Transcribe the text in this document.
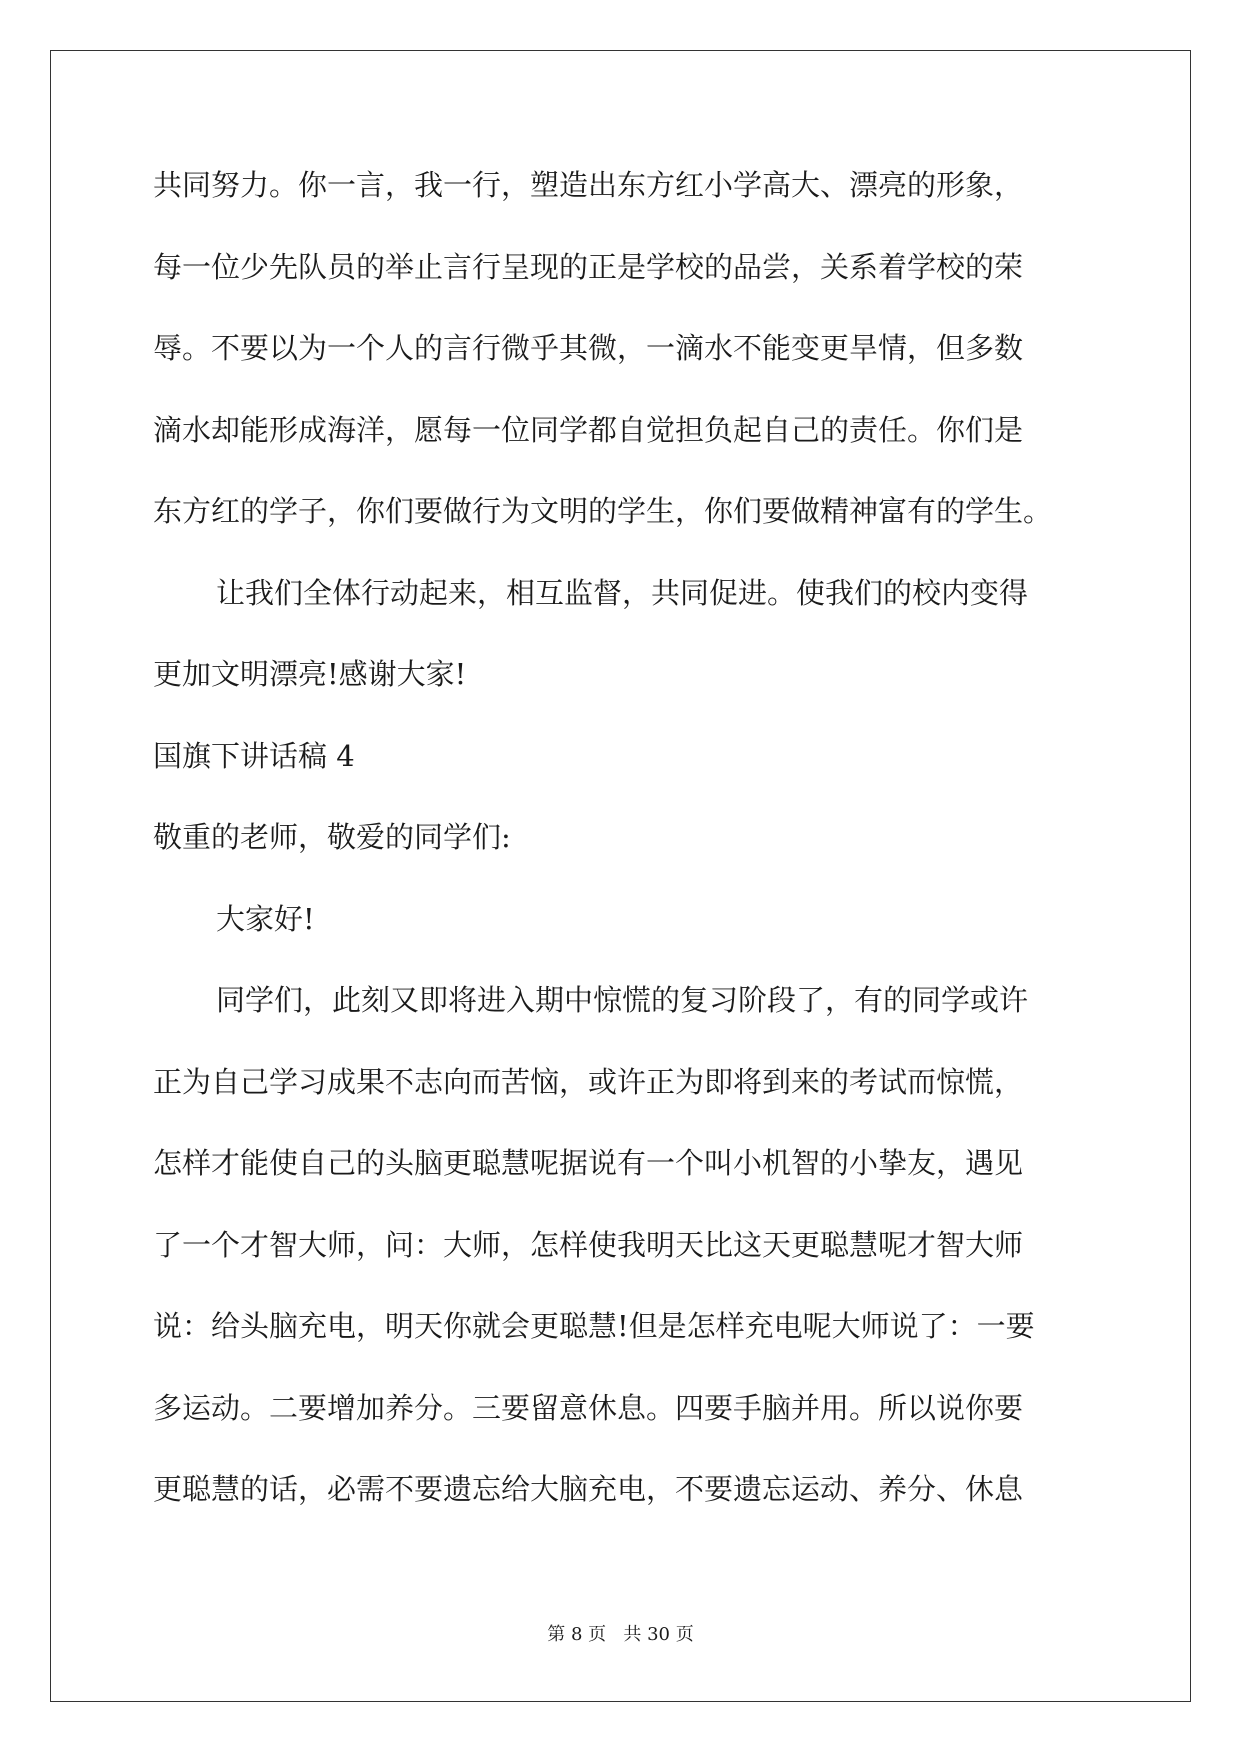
共同努力。你一言，我一行，塑造出东方红小学高大、漂亮的形象，
每一位少先队员的举止言行呈现的正是学校的品尝，关系着学校的荣
辱。不要以为一个人的言行微乎其微，一滴水不能变更旱情，但多数
滴水却能形成海洋，愿每一位同学都自觉担负起自己的责任。你们是
东方红的学子，你们要做行为文明的学生，你们要做精神富有的学生。
让我们全体行动起来，相互监督，共同促进。使我们的校内变得
更加文明漂亮!感谢大家!
国旗下讲话稿 4
敬重的老师，敬爱的同学们:
大家好!
同学们，此刻又即将进入期中惊慌的复习阶段了，有的同学或许
正为自己学习成果不志向而苦恼，或许正为即将到来的考试而惊慌，
怎样才能使自己的头脑更聪慧呢据说有一个叫小机智的小挚友，遇见
了一个才智大师，问：大师，怎样使我明天比这天更聪慧呢才智大师
说：给头脑充电，明天你就会更聪慧!但是怎样充电呢大师说了：一要
多运动。二要增加养分。三要留意休息。四要手脑并用。所以说你要
更聪慧的话，必需不要遗忘给大脑充电，不要遗忘运动、养分、休息
第 8 页   共 30 页
